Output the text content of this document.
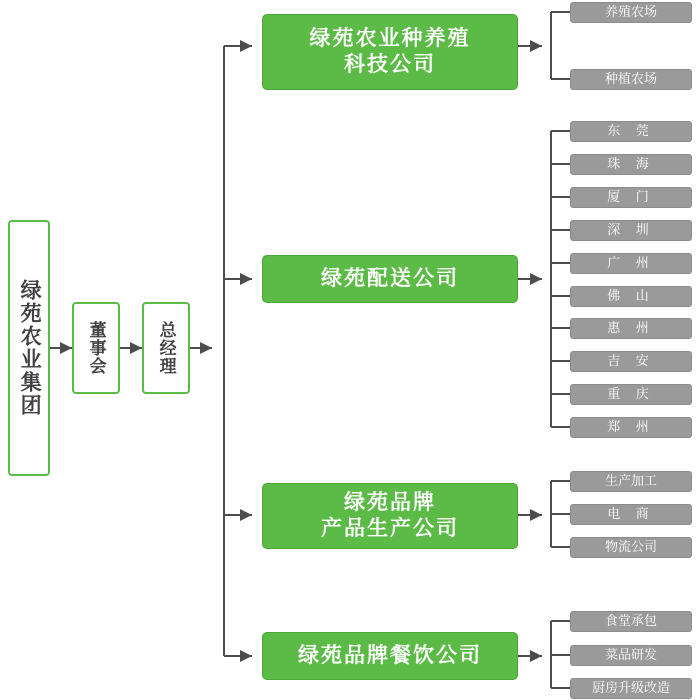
绿苑农业集团	董事会	总经理
绿苑农业种养殖
科技公司
养殖农场
种植农场
绿苑配送公司
东 莞
珠 海
厦 门
深 圳
广 州
佛 山
惠 州
吉 安
重 庆
郑 州
绿苑品牌
产品生产公司
生产加工
电 商
物流公司
绿苑品牌餐饮公司
食堂承包
菜品研发
厨房升级改造
